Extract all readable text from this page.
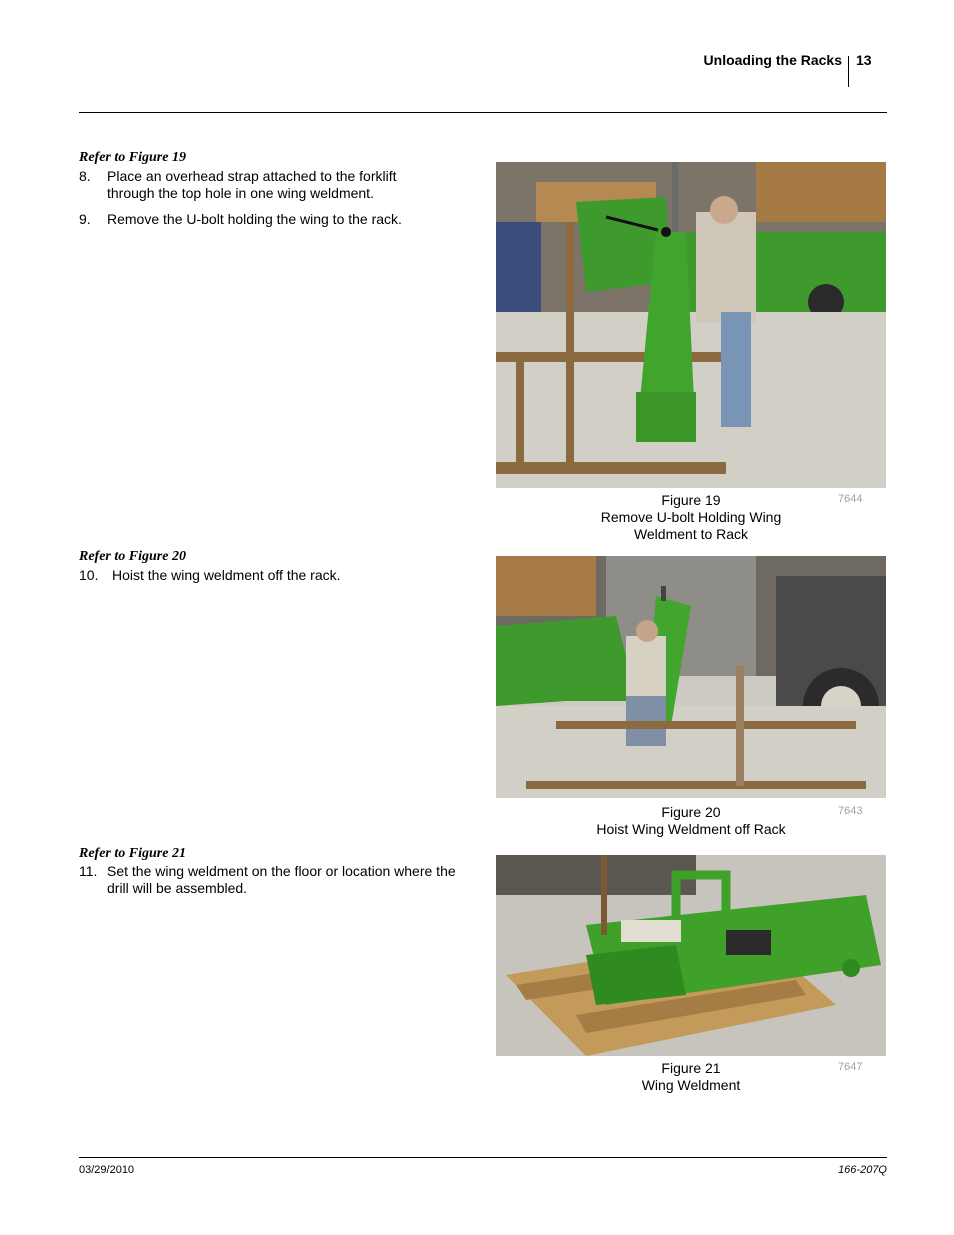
Unloading the Racks 13
Refer to Figure 19
8.	Place an overhead strap attached to the forklift through the top hole in one wing weldment.
9.	Remove the U-bolt holding the wing to the rack.
Figure 19
Remove U-bolt Holding Wing
Weldment to Rack
7644
Refer to Figure 20
10. Hoist the wing weldment off the rack.
Figure 20
Hoist Wing Weldment off Rack
7643
Refer to Figure 21
11. Set the wing weldment on the floor or location where the drill will be assembled.
Figure 21
Wing Weldment
7647
03/29/2010	166-207Q
